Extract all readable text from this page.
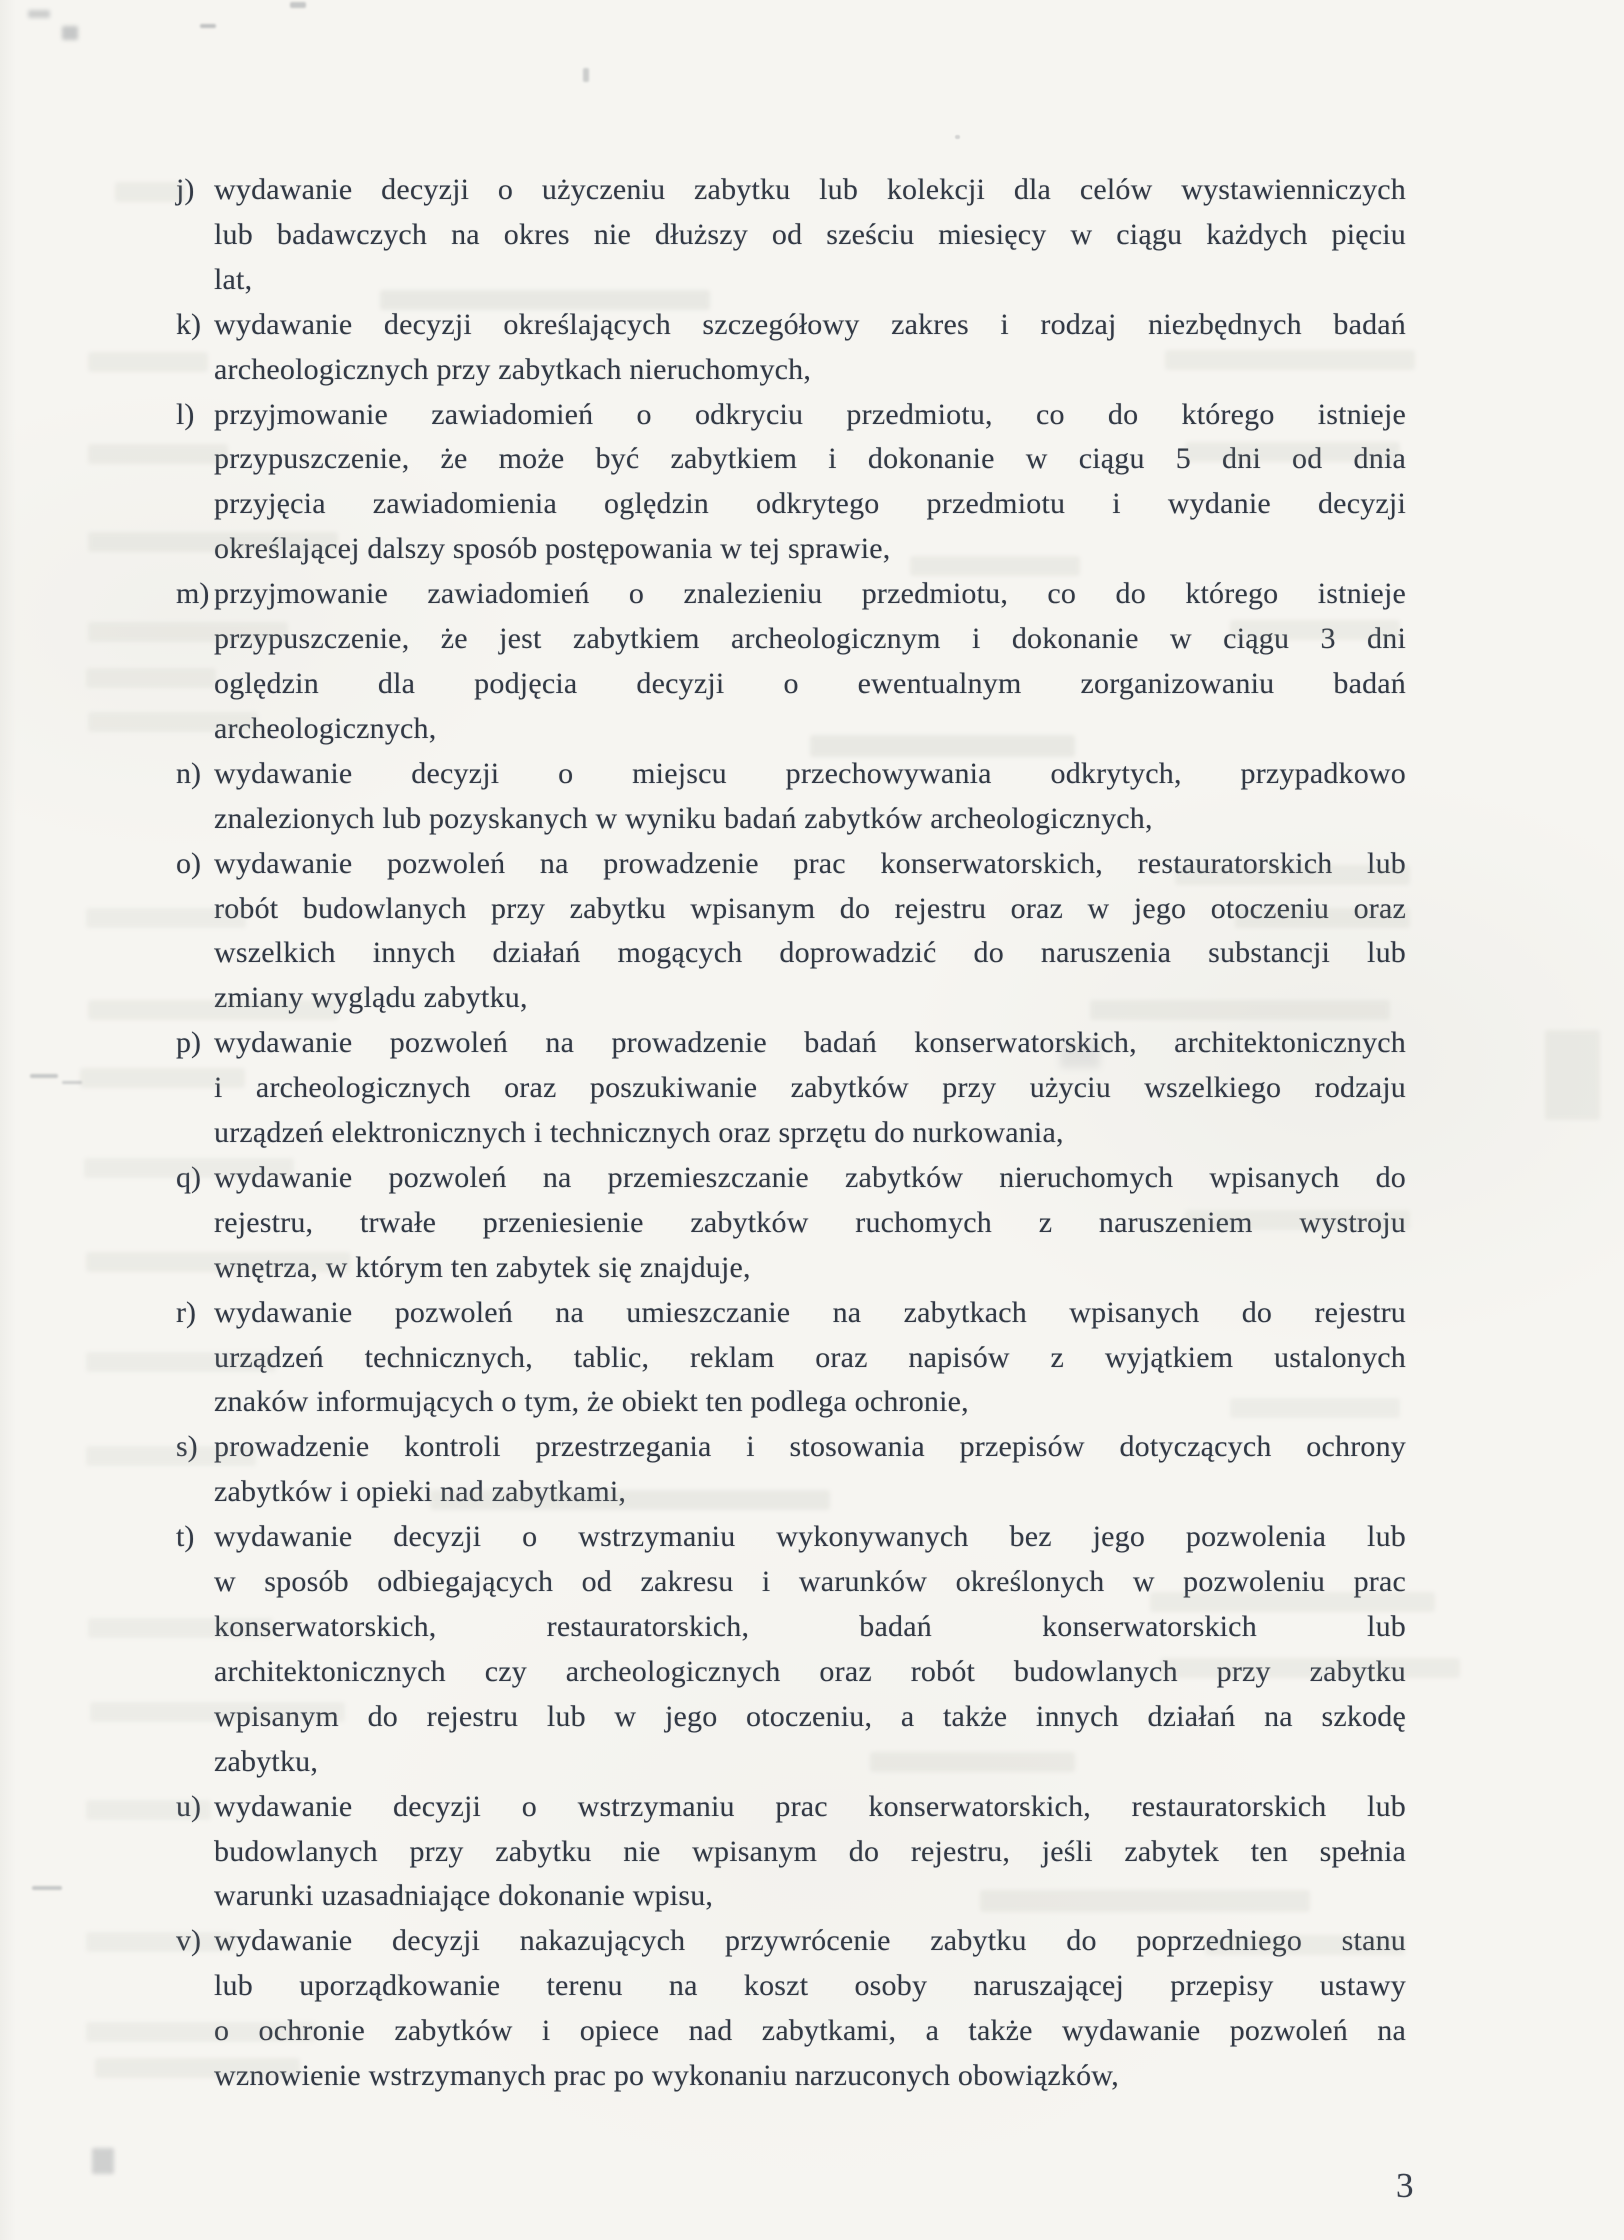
j) wydawanie decyzji o użyczeniu zabytku lub kolekcji dla celów wystawienniczych
lub badawczych na okres nie dłuższy od sześciu miesięcy w ciągu każdych pięciu
lat,
k) wydawanie decyzji określających szczegółowy zakres i rodzaj niezbędnych badań
archeologicznych przy zabytkach nieruchomych,
l) przyjmowanie zawiadomień o odkryciu przedmiotu, co do którego istnieje
przypuszczenie, że może być zabytkiem i dokonanie w ciągu 5 dni od dnia
przyjęcia zawiadomienia oględzin odkrytego przedmiotu i wydanie decyzji
określającej dalszy sposób postępowania w tej sprawie,
m) przyjmowanie zawiadomień o znalezieniu przedmiotu, co do którego istnieje
przypuszczenie, że jest zabytkiem archeologicznym i dokonanie w ciągu 3 dni
oględzin dla podjęcia decyzji o ewentualnym zorganizowaniu badań
archeologicznych,
n) wydawanie decyzji o miejscu przechowywania odkrytych, przypadkowo
znalezionych lub pozyskanych w wyniku badań zabytków archeologicznych,
o) wydawanie pozwoleń na prowadzenie prac konserwatorskich, restauratorskich lub
robót budowlanych przy zabytku wpisanym do rejestru oraz w jego otoczeniu oraz
wszelkich innych działań mogących doprowadzić do naruszenia substancji lub
zmiany wyglądu zabytku,
p) wydawanie pozwoleń na prowadzenie badań konserwatorskich, architektonicznych
i archeologicznych oraz poszukiwanie zabytków przy użyciu wszelkiego rodzaju
urządzeń elektronicznych i technicznych oraz sprzętu do nurkowania,
q) wydawanie pozwoleń na przemieszczanie zabytków nieruchomych wpisanych do
rejestru, trwałe przeniesienie zabytków ruchomych z naruszeniem wystroju
wnętrza, w którym ten zabytek się znajduje,
r) wydawanie pozwoleń na umieszczanie na zabytkach wpisanych do rejestru
urządzeń technicznych, tablic, reklam oraz napisów z wyjątkiem ustalonych
znaków informujących o tym, że obiekt ten podlega ochronie,
s) prowadzenie kontroli przestrzegania i stosowania przepisów dotyczących ochrony
zabytków i opieki nad zabytkami,
t) wydawanie decyzji o wstrzymaniu wykonywanych bez jego pozwolenia lub
w sposób odbiegających od zakresu i warunków określonych w pozwoleniu prac
konserwatorskich, restauratorskich, badań konserwatorskich lub
architektonicznych czy archeologicznych oraz robót budowlanych przy zabytku
wpisanym do rejestru lub w jego otoczeniu, a także innych działań na szkodę
zabytku,
u) wydawanie decyzji o wstrzymaniu prac konserwatorskich, restauratorskich lub
budowlanych przy zabytku nie wpisanym do rejestru, jeśli zabytek ten spełnia
warunki uzasadniające dokonanie wpisu,
v) wydawanie decyzji nakazujących przywrócenie zabytku do poprzedniego stanu
lub uporządkowanie terenu na koszt osoby naruszającej przepisy ustawy
o ochronie zabytków i opiece nad zabytkami, a także wydawanie pozwoleń na
wznowienie wstrzymanych prac po wykonaniu narzuconych obowiązków,
3
